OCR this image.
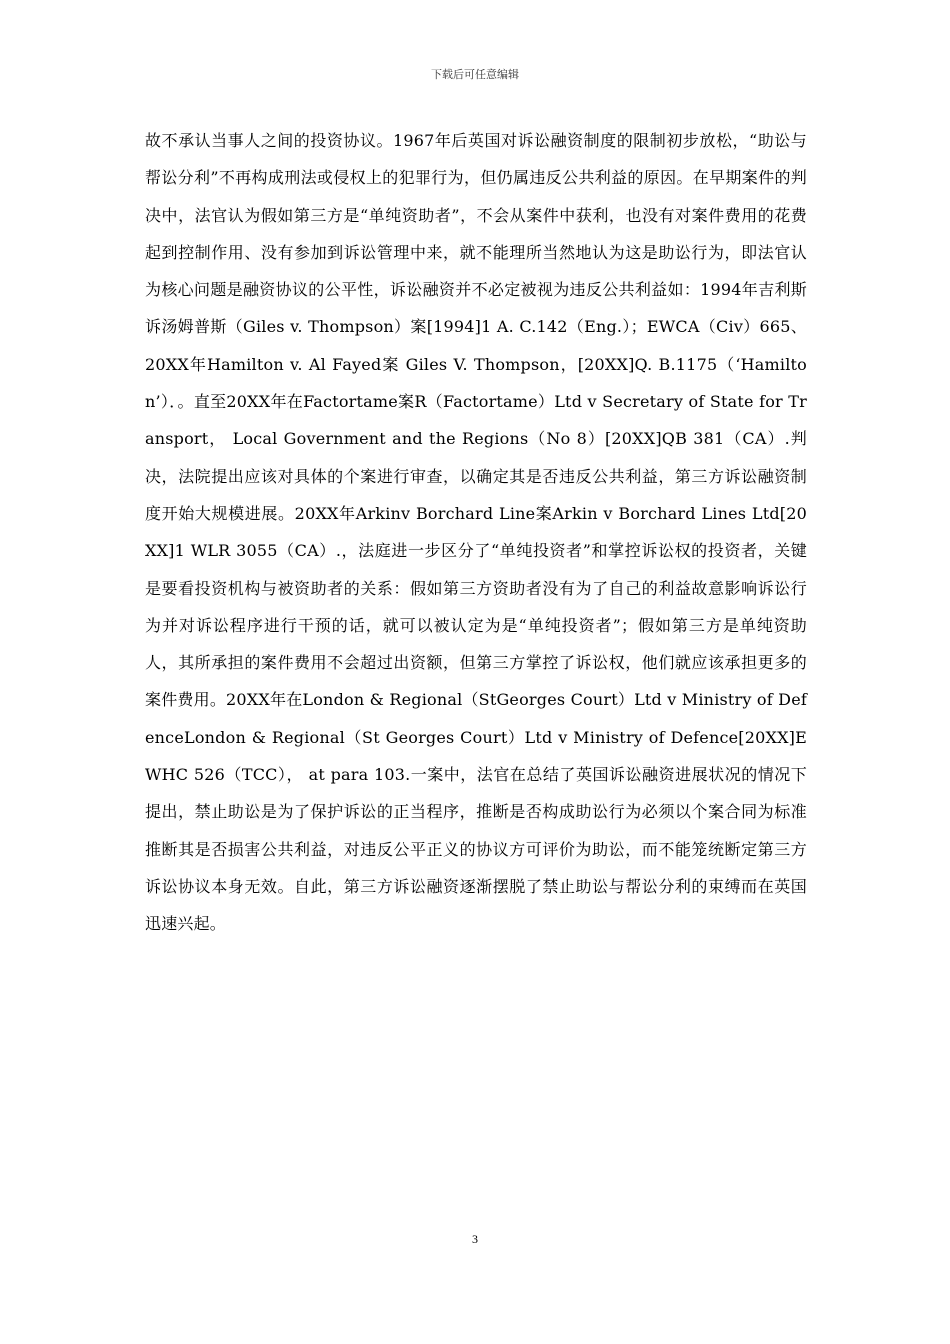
下载后可任意编辑

故不承认当事人之间的投资协议。1967年后英国对诉讼融资制度的限制初步放松，“助讼与帮讼分利”不再构成刑法或侵权上的犯罪行为，但仍属违反公共利益的原因。在早期案件的判决中，法官认为假如第三方是“单纯资助者”，不会从案件中获利，也没有对案件费用的花费起到控制作用、没有参加到诉讼管理中来，就不能理所当然地认为这是助讼行为，即法官认为核心问题是融资协议的公平性，诉讼融资并不必定被视为违反公共利益如：1994年吉利斯诉汤姆普斯（Giles v. Thompson）案[1994]1 A. C.142（Eng.）；EWCA（Civ）665、20XX年Hamilton v. Al Fayed案 Giles V. Thompson，[20XX]Q. B.1175（‘Hamilton’）．。直至20XX年在Factortame案R（Factortame）Ltd v Secretary of State for Transport， Local Government and the Regions（No 8）[20XX]QB 381（CA）.判决，法院提出应该对具体的个案进行审查，以确定其是否违反公共利益，第三方诉讼融资制度开始大规模进展。20XX年Arkinv Borchard Line案Arkin v Borchard Lines Ltd[20XX]1 WLR 3055（CA）.，法庭进一步区分了“单纯投资者”和掌控诉讼权的投资者，关键是要看投资机构与被资助者的关系：假如第三方资助者没有为了自己的利益故意影响诉讼行为并对诉讼程序进行干预的话，就可以被认定为是“单纯投资者”；假如第三方是单纯资助人，其所承担的案件费用不会超过出资额，但第三方掌控了诉讼权，他们就应该承担更多的案件费用。20XX年在London & Regional（StGeorges Court）Ltd v Ministry of DefenceLondon & Regional（St Georges Court）Ltd v Ministry of Defence[20XX]EWHC 526（TCC）， at para 103.一案中，法官在总结了英国诉讼融资进展状况的情况下提出，禁止助讼是为了保护诉讼的正当程序，推断是否构成助讼行为必须以个案合同为标准推断其是否损害公共利益，对违反公平正义的协议方可评价为助讼，而不能笼统断定第三方诉讼协议本身无效。自此，第三方诉讼融资逐渐摆脱了禁止助讼与帮讼分利的束缚而在英国迅速兴起。

3
